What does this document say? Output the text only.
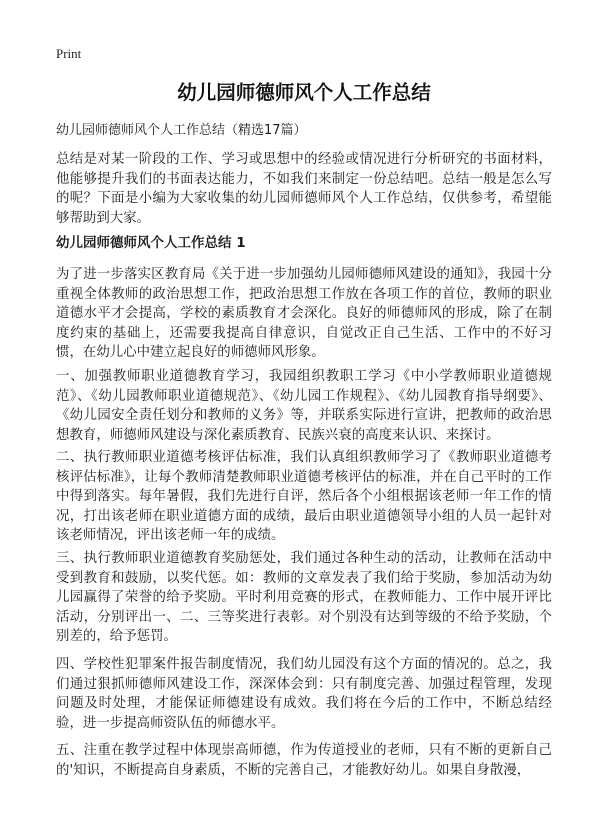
Print
幼儿园师德师风个人工作总结
幼儿园师德师风个人工作总结（精选17篇）
总结是对某一阶段的工作、学习或思想中的经验或情况进行分析研究的书面材料，他能够提升我们的书面表达能力，不如我们来制定一份总结吧。总结一般是怎么写的呢？下面是小编为大家收集的幼儿园师德师风个人工作总结，仅供参考，希望能够帮助到大家。
幼儿园师德师风个人工作总结 1
为了进一步落实区教育局《关于进一步加强幼儿园师德师风建设的通知》，我园十分重视全体教师的政治思想工作，把政治思想工作放在各项工作的首位，教师的职业道德水平才会提高，学校的素质教育才会深化。良好的师德师风的形成，除了在制度约束的基础上，还需要我提高自律意识，自觉改正自己生活、工作中的不好习惯，在幼儿心中建立起良好的师德师风形象。
一、加强教师职业道德教育学习，我园组织教职工学习《中小学教师职业道德规范》、《幼儿园教师职业道德规范》、《幼儿园工作规程》、《幼儿园教育指导纲要》、《幼儿园安全责任划分和教师的义务》等，并联系实际进行宣讲，把教师的政治思想教育，师德师风建设与深化素质教育、民族兴衰的高度来认识、来探讨。
二、执行教师职业道德考核评估标准，我们认真组织教师学习了《教师职业道德考核评估标准》，让每个教师清楚教师职业道德考核评估的标准，并在自己平时的工作中得到落实。每年暑假，我们先进行自评，然后各个小组根据该老师一年工作的情况，打出该老师在职业道德方面的成绩，最后由职业道德领导小组的人员一起针对该老师情况，评出该老师一年的成绩。
三、执行教师职业道德教育奖励惩处，我们通过各种生动的活动，让教师在活动中受到教育和鼓励，以奖代惩。如：教师的文章发表了我们给于奖励，参加活动为幼儿园赢得了荣誉的给予奖励。平时利用竞赛的形式，在教师能力、工作中展开评比活动，分别评出一、二、三等奖进行表彰。对个别没有达到等级的不给予奖励，个别差的，给予惩罚。
四、学校性犯罪案件报告制度情况，我们幼儿园没有这个方面的情况的。总之，我们通过狠抓师德师风建设工作，深深体会到：只有制度完善、加强过程管理，发现问题及时处理，才能保证师德建设有成效。我们将在今后的工作中，不断总结经验，进一步提高师资队伍的师德水平。
五、注重在教学过程中体现崇高师德，作为传道授业的老师，只有不断的更新自己的'知识，不断提高自身素质，不断的完善自己，才能教好幼儿。如果自身散漫，
